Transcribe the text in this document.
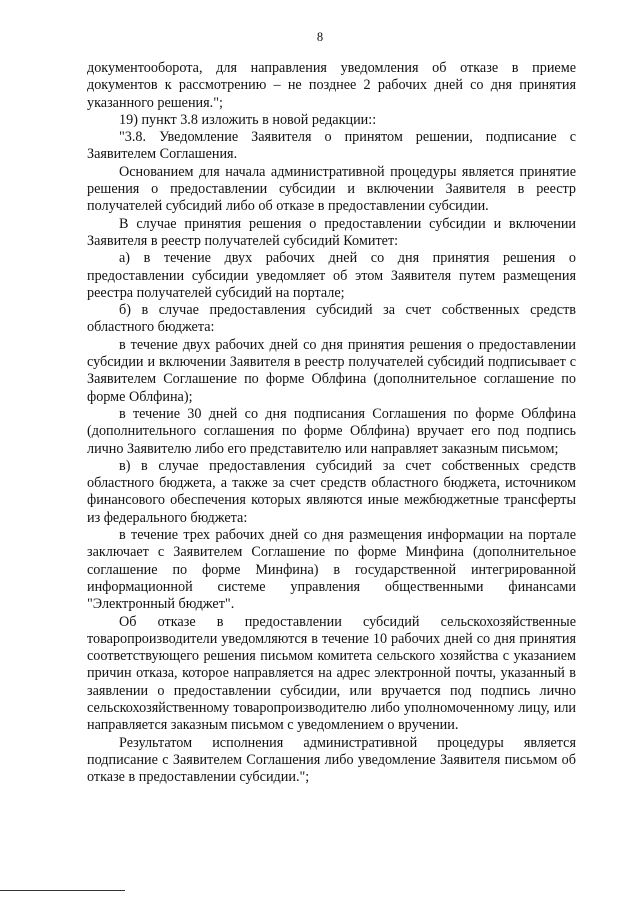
8

документооборота, для направления уведомления об отказе в приеме документов к рассмотрению – не позднее 2 рабочих дней со дня принятия указанного решения.";

19) пункт 3.8 изложить в новой редакции::

"3.8. Уведомление Заявителя о принятом решении, подписание с Заявителем Соглашения.

Основанием для начала административной процедуры является принятие решения о предоставлении субсидии и включении Заявителя в реестр получателей субсидий либо об отказе в предоставлении субсидии.

В случае принятия решения о предоставлении субсидии и включении Заявителя в реестр получателей субсидий Комитет:

а) в течение двух рабочих дней со дня принятия решения о предоставлении субсидии уведомляет об этом Заявителя путем размещения реестра получателей субсидий на портале;

б) в случае предоставления субсидий за счет собственных средств областного бюджета:

в течение двух рабочих дней со дня принятия решения о предоставлении субсидии и включении Заявителя в реестр получателей субсидий подписывает с Заявителем Соглашение по форме Облфина (дополнительное соглашение по форме Облфина);

в течение 30 дней со дня подписания Соглашения по форме Облфина (дополнительного соглашения по форме Облфина) вручает его под подпись лично Заявителю либо его представителю или направляет заказным письмом;

в) в случае предоставления субсидий за счет собственных средств областного бюджета, а также за счет средств областного бюджета, источником финансового обеспечения которых являются иные межбюджетные трансферты из федерального бюджета:

в течение трех рабочих дней со дня размещения информации на портале заключает с Заявителем Соглашение по форме Минфина (дополнительное соглашение по форме Минфина) в государственной интегрированной информационной системе управления общественными финансами "Электронный бюджет".

Об отказе в предоставлении субсидий сельскохозяйственные товаропроизводители уведомляются в течение 10 рабочих дней со дня принятия соответствующего решения письмом комитета сельского хозяйства с указанием причин отказа, которое направляется на адрес электронной почты, указанный в заявлении о предоставлении субсидии, или вручается под подпись лично сельскохозяйственному товаропроизводителю либо уполномоченному лицу, или направляется заказным письмом с уведомлением о вручении.

Результатом исполнения административной процедуры является подписание с Заявителем Соглашения либо уведомление Заявителя письмом об отказе в предоставлении субсидии.";
